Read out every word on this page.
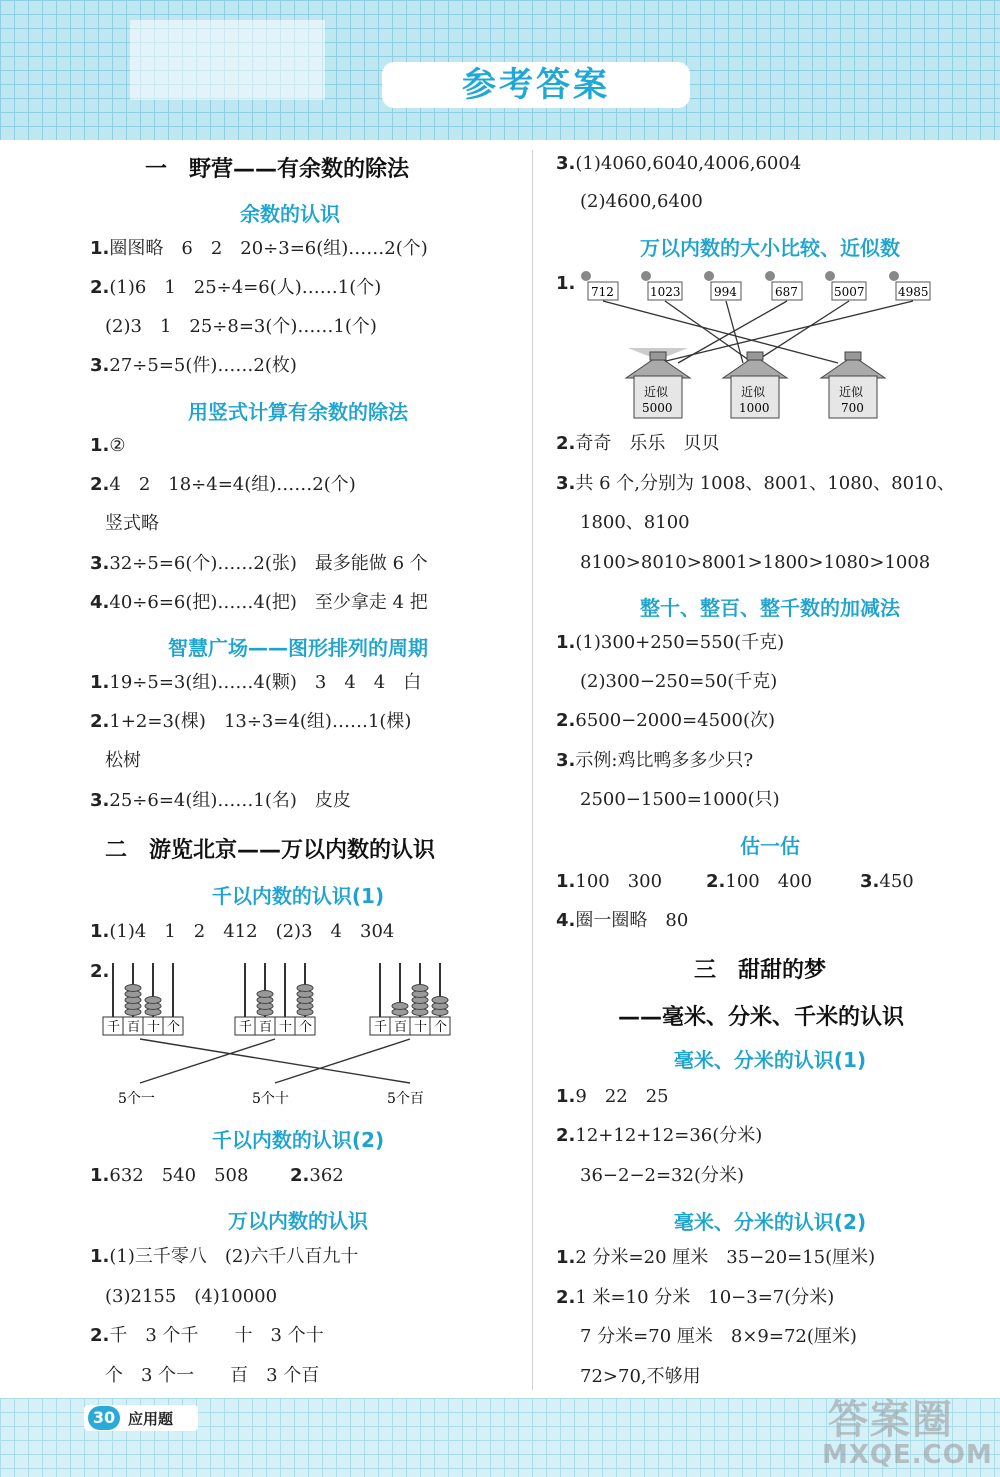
参考答案
一　野营——有余数的除法
余数的认识
1.圈图略　6　2　20÷3=6(组)……2(个)
2.(1)6　1　25÷4=6(人)……1(个)
(2)3　1　25÷8=3(个)……1(个)
3.27÷5=5(件)……2(枚)
用竖式计算有余数的除法
1.②
2.4　2　18÷4=4(组)……2(个)
竖式略
3.32÷5=6(个)……2(张)　最多能做 6 个
4.40÷6=6(把)……4(把)　至少拿走 4 把
智慧广场——图形排列的周期
1.19÷5=3(组)……4(颗)　3　4　4　白
2.1+2=3(棵)　13÷3=4(组)……1(棵)
松树
3.25÷6=4(组)……1(名)　皮皮
二　游览北京——万以内数的认识
千以内数的认识(1)
1.(1)4　1　2　412　(2)3　4　304
2.
千 百 十 个	千 百 十 个	千 百 十 个
5个一	5个十	5个百
千以内数的认识(2)
1.632　540　508 2.362
万以内数的认识
1.(1)三千零八　(2)六千八百九十
(3)2155　(4)10000
2.千　3 个千　　十　3 个十
个　3 个一　　百　3 个百
3.(1)4060,6040,4006,6004
(2)4600,6400
万以内数的大小比较、近似数
1. 712	1023	994	687	5007	4985
近似
5000
近似
1000
近似
700
2.奇奇　乐乐　贝贝
3.共 6 个,分别为 1008、8001、1080、8010、
1800、8100
8100>8010>8001>1800>1080>1008
整十、整百、整千数的加减法
1.(1)300+250=550(千克)
(2)300−250=50(千克)
2.6500−2000=4500(次)
3.示例:鸡比鸭多多少只?
2500−1500=1000(只)
估一估
1.100　300 2.100　400	3.450
4.圈一圈略　80
三　甜甜的梦
——毫米、分米、千米的认识
毫米、分米的认识(1)
1.9　22　25
2.12+12+12=36(分米)
36−2−2=32(分米)
毫米、分米的认识(2)
1.2 分米=20 厘米　35−20=15(厘米)
2.1 米=10 分米　10−3=7(分米)
7 分米=70 厘米　8×9=72(厘米)
72>70,不够用
30 应用题	答案圈
MXQE.COM
